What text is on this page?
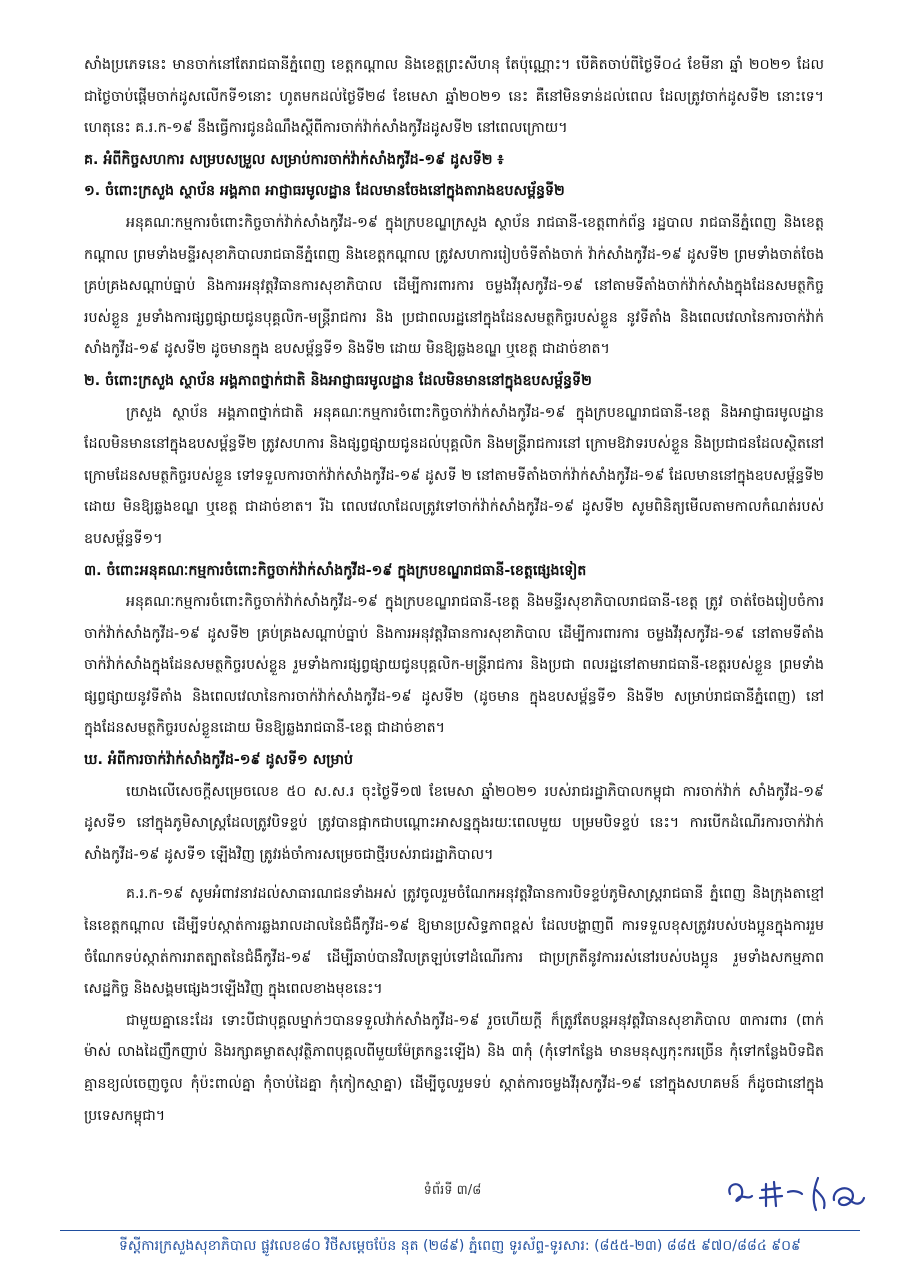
សាំងប្រភេទនេះ មានចាក់នៅតែរាជធានីភ្នំពេញ ខេត្តកណ្តាល និងខេត្តព្រះសីហនុ តែប៉ុណ្ណោះ។ បើគិតចាប់ពីថ្ងៃទី០៤ ខែមីនា ឆ្នាំ ២០២១ ដែលជាថ្ងៃចាប់ផ្តើមចាក់ដូសលើកទី១នោះ ហូតមកដល់ថ្ងៃទី២៨ ខែមេសា ឆ្នាំ២០២១ នេះ គឺនៅមិនទាន់ដល់ពេល ដែលត្រូវចាក់ដូសទី២ នោះទេ។ ហេតុនេះ គ.រ.ក-១៩ នឹងធ្វើការជូនដំណឹងស្តីពីការចាក់វ៉ាក់សាំងកូវីដដូសទី២ នៅពេលក្រោយ។

គ. អំពីកិច្ចសហការ សម្របសម្រួល សម្រាប់ការចាក់វ៉ាក់សាំងកូវីដ-១៩ ដូសទី២ ៖

១. ចំពោះក្រសួង ស្ថាប័ន អង្គភាព អាជ្ញាធរមូលដ្ឋាន ដែលមានចែងនៅក្នុងតារាងឧបសម្ព័ន្ធទី២

អនុគណៈកម្មការចំពោះកិច្ចចាក់វ៉ាក់សាំងកូវីដ-១៩ ក្នុងក្របខណ្ឌក្រសួង ស្ថាប័ន រាជធានី-ខេត្តពាក់ព័ន្ធ រដ្ឋបាល រាជធានីភ្នំពេញ និងខេត្តកណ្តាល ព្រមទាំងមន្ទីរសុខាភិបាលរាជធានីភ្នំពេញ និងខេត្តកណ្តាល ត្រូវសហការរៀបចំទីតាំងចាក់ វ៉ាក់សាំងកូវីដ-១៩ ដូសទី២ ព្រមទាំងចាត់ចែងគ្រប់គ្រងសណ្តាប់ធ្នាប់ និងការអនុវត្តវិធានការសុខាភិបាល ដើម្បីការពារការ ចម្លងវីរុសកូវីដ-១៩ នៅតាមទីតាំងចាក់វ៉ាក់សាំងក្នុងដែនសមត្ថកិច្ចរបស់ខ្លួន រួមទាំងការផ្សព្វផ្សាយជូនបុគ្គលិក-មន្ត្រីរាជការ និង ប្រជាពលរដ្ឋនៅក្នុងដែនសមត្ថកិច្ចរបស់ខ្លួន នូវទីតាំង និងពេលវេលានៃការចាក់វ៉ាក់សាំងកូវីដ-១៩ ដូសទី២ ដូចមានក្នុង ឧបសម្ព័ន្ធទី១ និងទី២ ដោយ មិនឱ្យឆ្លងខណ្ឌ ឬខេត្ត ជាដាច់ខាត។

២. ចំពោះក្រសួង ស្ថាប័ន អង្គភាពថ្នាក់ជាតិ និងអាជ្ញាធរមូលដ្ឋាន ដែលមិនមាននៅក្នុងឧបសម្ព័ន្ធទី២

ក្រសួង ស្ថាប័ន អង្គភាពថ្នាក់ជាតិ អនុគណៈកម្មការចំពោះកិច្ចចាក់វ៉ាក់សាំងកូវីដ-១៩ ក្នុងក្របខណ្ឌរាជធានី-ខេត្ត និងអាជ្ញាធរមូលដ្ឋាន ដែលមិនមាននៅក្នុងឧបសម្ព័ន្ធទី២ ត្រូវសហការ និងផ្សព្វផ្សាយជូនដល់បុគ្គលិក និងមន្ត្រីរាជការនៅ ក្រោមឱវាទរបស់ខ្លួន និងប្រជាជនដែលស្ថិតនៅក្រោមដែនសមត្ថកិច្ចរបស់ខ្លួន ទៅទទួលការចាក់វ៉ាក់សាំងកូវីដ-១៩ ដូសទី ២ នៅតាមទីតាំងចាក់វ៉ាក់សាំងកូវីដ-១៩ ដែលមាននៅក្នុងឧបសម្ព័ន្ធទី២ ដោយ មិនឱ្យឆ្លងខណ្ឌ ឬខេត្ត ជាដាច់ខាត។ រីឯ ពេលវេលាដែលត្រូវទៅចាក់វ៉ាក់សាំងកូវីដ-១៩ ដូសទី២ សូមពិនិត្យមើលតាមកាលកំណត់របស់ឧបសម្ព័ន្ធទី១។

៣. ចំពោះអនុគណៈកម្មការចំពោះកិច្ចចាក់វ៉ាក់សាំងកូវីដ-១៩ ក្នុងក្របខណ្ឌរាជធានី-ខេត្តផ្សេងទៀត

អនុគណៈកម្មការចំពោះកិច្ចចាក់វ៉ាក់សាំងកូវីដ-១៩ ក្នុងក្របខណ្ឌរាជធានី-ខេត្ត និងមន្ទីរសុខាភិបាលរាជធានី-ខេត្ត ត្រូវ ចាត់ចែងរៀបចំការចាក់វ៉ាក់សាំងកូវីដ-១៩ ដូសទី២ គ្រប់គ្រងសណ្តាប់ធ្នាប់ និងការអនុវត្តវិធានការសុខាភិបាល ដើម្បីការពារការ ចម្លងវីរុសកូវីដ-១៩ នៅតាមទីតាំងចាក់វ៉ាក់សាំងក្នុងដែនសមត្ថកិច្ចរបស់ខ្លួន រួមទាំងការផ្សព្វផ្សាយជូនបុគ្គលិក-មន្ត្រីរាជការ និងប្រជា ពលរដ្ឋនៅតាមរាជធានី-ខេត្តរបស់ខ្លួន ព្រមទាំងផ្សព្វផ្សាយនូវទីតាំង និងពេលវេលានៃការចាក់វ៉ាក់សាំងកូវីដ-១៩ ដូសទី២ (ដូចមាន ក្នុងឧបសម្ព័ន្ធទី១ និងទី២ សម្រាប់រាជធានីភ្នំពេញ) នៅក្នុងដែនសមត្ថកិច្ចរបស់ខ្លួនដោយ មិនឱ្យឆ្លងរាជធានី-ខេត្ត ជាដាច់ខាត។

ឃ. អំពីការចាក់វ៉ាក់សាំងកូវីដ-១៩ ដូសទី១ សម្រាប់

យោងលើសេចក្តីសម្រេចលេខ ៥០ ស.ស.រ ចុះថ្ងៃទី១៧ ខែមេសា ឆ្នាំ២០២១ របស់រាជរដ្ឋាភិបាលកម្ពុជា ការចាក់វ៉ាក់ សាំងកូវីដ-១៩ ដូសទី១ នៅក្នុងភូមិសាស្ត្រដែលត្រូវបិទខ្ទប់ ត្រូវបានផ្អាកជាបណ្តោះអាសន្នក្នុងរយៈពេលមួយ បម្រមបិទខ្ទប់ នេះ។ ការបើកដំណើរការចាក់វ៉ាក់សាំងកូវីដ-១៩ ដូសទី១ ឡើងវិញ ត្រូវរង់ចាំការសម្រេចជាថ្មីរបស់រាជរដ្ឋាភិបាល។

គ.រ.ក-១៩ សូមអំពាវនាវដល់សាធារណជនទាំងអស់ ត្រូវចូលរួមចំណែកអនុវត្តវិធានការបិទខ្ទប់ភូមិសាស្ត្ររាជធានី ភ្នំពេញ និងក្រុងតាខ្មៅនៃខេត្តកណ្តាល ដើម្បីទប់ស្កាត់ការឆ្លងរាលដាលនៃជំងឺកូវីដ-១៩ ឱ្យមានប្រសិទ្ធភាពខ្ពស់ ដែលបង្ហាញពី ការទទួលខុសត្រូវរបស់បងប្អូនក្នុងការរួមចំណែកទប់ស្កាត់ការរាតត្បាតនៃជំងឺកូវីដ-១៩ ដើម្បីឆាប់បានវិលត្រឡប់ទៅដំណើរការ ជាប្រក្រតីនូវការរស់នៅរបស់បងប្អូន រួមទាំងសកម្មភាពសេដ្ឋកិច្ច និងសង្គមផ្សេងៗឡើងវិញ ក្នុងពេលខាងមុខនេះ។

ជាមួយគ្នានេះដែរ ទោះបីជាបុគ្គលម្នាក់ៗបានទទួលវ៉ាក់សាំងកូវីដ-១៩ រួចហើយក្តី ក៏ត្រូវតែបន្តអនុវត្តវិធានសុខាភិបាល ៣ការពារ (ពាក់ម៉ាស់ លាងដៃញឹកញាប់ និងរក្សាគម្លាតសុវត្ថិភាពបុគ្គលពីមួយម៉ែត្រកន្លះឡើង) និង ៣កុំ (កុំទៅកន្លែង មានមនុស្សកុះករច្រើន កុំទៅកន្លែងបិទជិតគ្មានខ្យល់ចេញចូល កុំប៉ះពាល់គ្នា កុំចាប់ដៃគ្នា កុំកៀកស្មាគ្នា) ដើម្បីចូលរួមទប់ ស្កាត់ការចម្លងវីរុសកូវីដ-១៩ នៅក្នុងសហគមន៍ ក៏ដូចជានៅក្នុងប្រទេសកម្ពុជា។

ទំព័រទី ៣/៨
ទីស្តីការក្រសួងសុខាភិបាល ផ្លូវលេខ៨០ វិថីសម្តេចប៉ែន នុត (២៨៩) ភ្នំពេញ ទូរស័ព្ទ-ទូរសារ: (៨៥៥-២៣) ៨៨៥ ៩៧០/៨៨៤ ៩០៩
